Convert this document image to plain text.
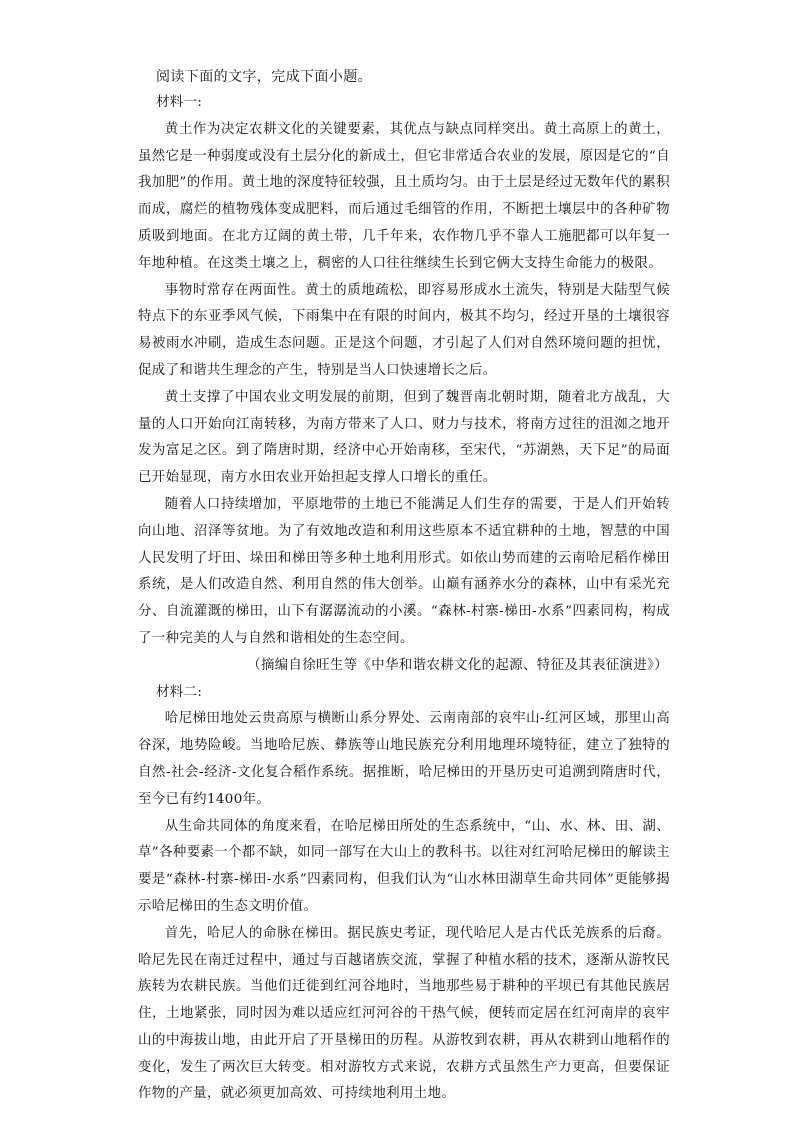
阅读下面的文字，完成下面小题。

材料一:

黄土作为决定农耕文化的关键要素，其优点与缺点同样突出。黄土高原上的黄土，虽然它是一种弱度或没有土层分化的新成土，但它非常适合农业的发展，原因是它的“自我加肥”的作用。黄土地的深度特征较强，且土质均匀。由于土层是经过无数年代的累积而成，腐烂的植物残体变成肥料，而后通过毛细管的作用，不断把土壤层中的各种矿物质吸到地面。在北方辽阔的黄土带，几千年来，农作物几乎不靠人工施肥都可以年复一年地种植。在这类土壤之上，稠密的人口往往继续生长到它俩大支持生命能力的极限。

事物时常存在两面性。黄土的质地疏松，即容易形成水土流失，特别是大陆型气候特点下的东亚季风气候，下雨集中在有限的时间内，极其不均匀，经过开垦的土壤很容易被雨水冲刷，造成生态问题。正是这个问题，才引起了人们对自然环境问题的担忧，促成了和谐共生理念的产生，特别是当人口快速增长之后。

黄土支撑了中国农业文明发展的前期，但到了魏晋南北朝时期，随着北方战乱，大量的人口开始向江南转移，为南方带来了人口、财力与技术，将南方过往的沮洳之地开发为富足之区。到了隋唐时期，经济中心开始南移，至宋代，“苏湖熟，天下足”的局面已开始显现，南方水田农业开始担起支撑人口增长的重任。

随着人口持续增加，平原地带的土地已不能满足人们生存的需要，于是人们开始转向山地、沼泽等贫地。为了有效地改造和利用这些原本不适宜耕种的土地，智慧的中国人民发明了圩田、垛田和梯田等多种土地利用形式。如依山势而建的云南哈尼稻作梯田系统，是人们改造自然、利用自然的伟大创举。山巅有涵养水分的森林，山中有采光充分、自流灌溉的梯田，山下有潺潺流动的小溪。“森林-村寨-梯田-水系”四素同构，构成了一种完美的人与自然和谐相处的生态空间。

（摘编自徐旺生等《中华和谐农耕文化的起源、特征及其表征演进》）

材料二:

哈尼梯田地处云贵高原与横断山系分界处、云南南部的哀牢山-红河区域，那里山高谷深，地势险峻。当地哈尼族、彝族等山地民族充分利用地理环境特征，建立了独特的自然-社会-经济-文化复合稻作系统。据推断，哈尼梯田的开垦历史可追溯到隋唐时代，至今已有约1400年。

从生命共同体的角度来看，在哈尼梯田所处的生态系统中，“山、水、林、田、湖、草”各种要素一个都不缺，如同一部写在大山上的教科书。以往对红河哈尼梯田的解读主要是“森林-村寨-梯田-水系”四素同构，但我们认为“山水林田湖草生命共同体”更能够揭示哈尼梯田的生态文明价值。

首先，哈尼人的命脉在梯田。据民族史考证，现代哈尼人是古代氐羌族系的后裔。哈尼先民在南迁过程中，通过与百越诸族交流，掌握了种植水稻的技术，逐渐从游牧民族转为农耕民族。当他们迁徙到红河谷地时，当地那些易于耕种的平坝已有其他民族居住，土地紧张，同时因为难以适应红河河谷的干热气候，便转而定居在红河南岸的哀牢山的中海拔山地，由此开启了开垦梯田的历程。从游牧到农耕，再从农耕到山地稻作的变化，发生了两次巨大转变。相对游牧方式来说，农耕方式虽然生产力更高，但要保证作物的产量，就必须更加高效、可持续地利用土地。
